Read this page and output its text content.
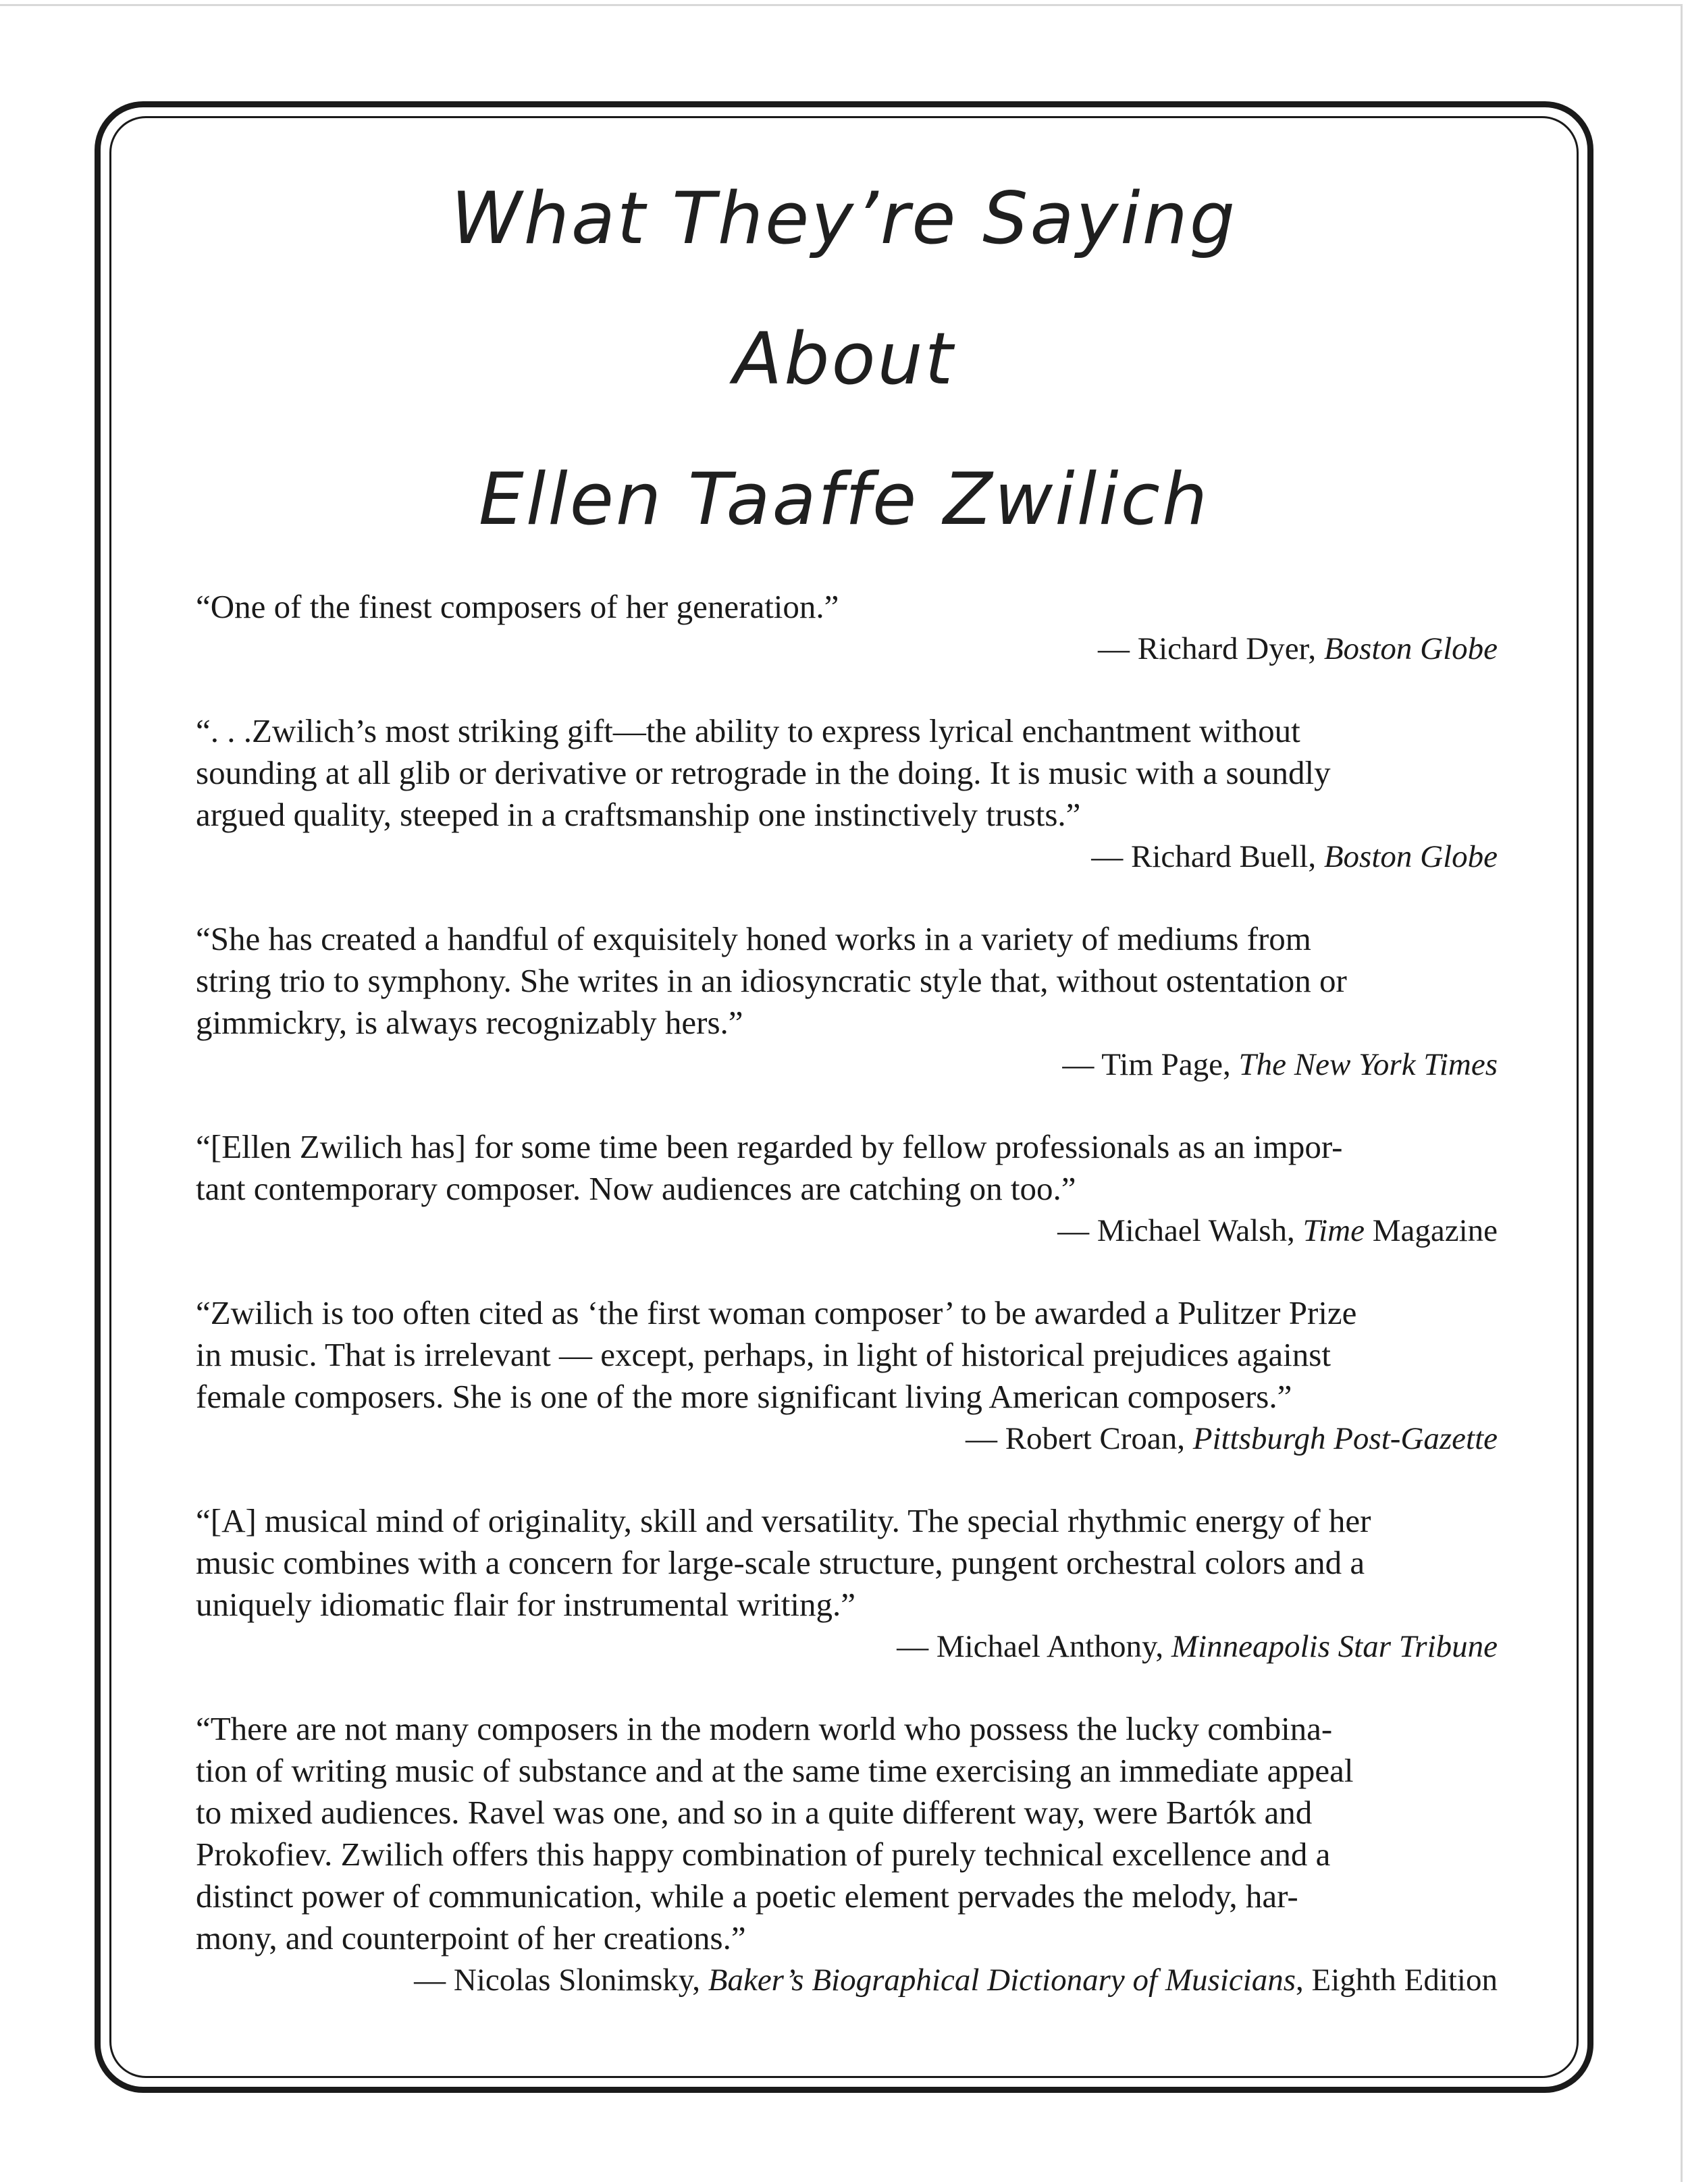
What They’re Saying
About
Ellen Taaffe Zwilich

“One of the finest composers of her generation.”

— Richard Dyer, Boston Globe

“. . .Zwilich’s most striking gift—the ability to express lyrical enchantment without
sounding at all glib or derivative or retrograde in the doing. It is music with a soundly
argued quality, steeped in a craftsmanship one instinctively trusts.”

— Richard Buell, Boston Globe

“She has created a handful of exquisitely honed works in a variety of mediums from
string trio to symphony. She writes in an idiosyncratic style that, without ostentation or
gimmickry, is always recognizably hers.”

— Tim Page, The New York Times

“[Ellen Zwilich has] for some time been regarded by fellow professionals as an impor-
tant contemporary composer. Now audiences are catching on too.”

— Michael Walsh, Time Magazine

“Zwilich is too often cited as ‘the first woman composer’ to be awarded a Pulitzer Prize
in music. That is irrelevant — except, perhaps, in light of historical prejudices against
female composers. She is one of the more significant living American composers.”

— Robert Croan, Pittsburgh Post-Gazette

“[A] musical mind of originality, skill and versatility. The special rhythmic energy of her
music combines with a concern for large-scale structure, pungent orchestral colors and a
uniquely idiomatic flair for instrumental writing.”

— Michael Anthony, Minneapolis Star Tribune

“There are not many composers in the modern world who possess the lucky combina-
tion of writing music of substance and at the same time exercising an immediate appeal
to mixed audiences. Ravel was one, and so in a quite different way, were Bartók and
Prokofiev. Zwilich offers this happy combination of purely technical excellence and a
distinct power of communication, while a poetic element pervades the melody, har-
mony, and counterpoint of her creations.”

— Nicolas Slonimsky, Baker’s Biographical Dictionary of Musicians, Eighth Edition
